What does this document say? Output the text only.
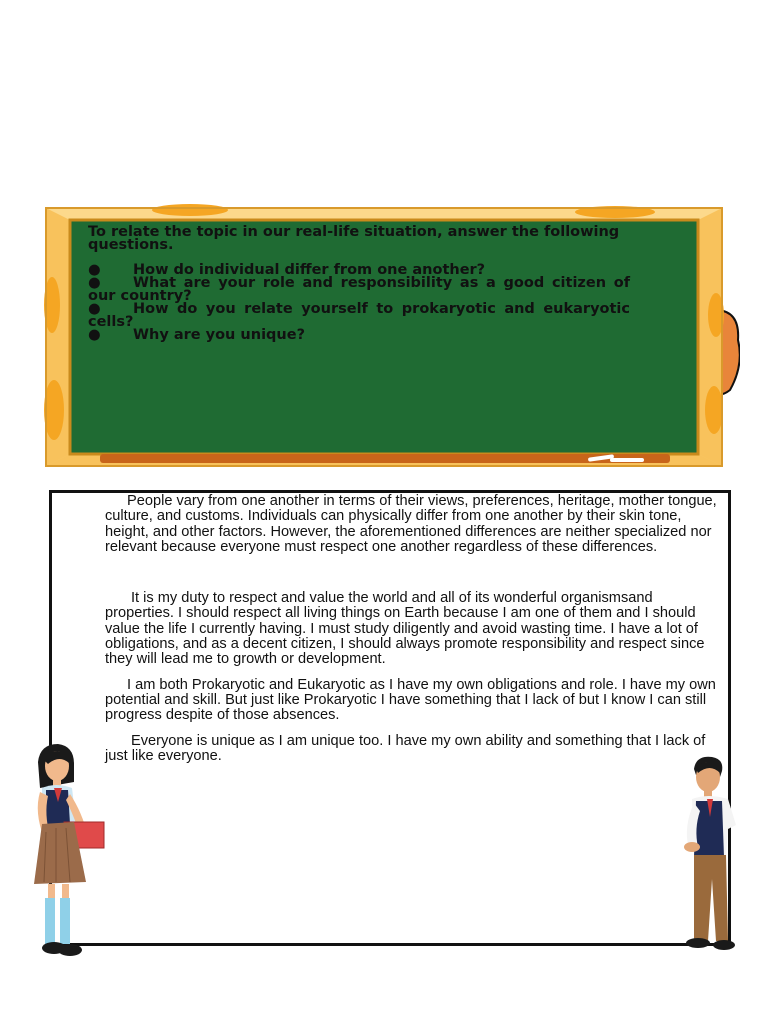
To relate the topic in our real-life situation, answer the following questions.

● How do individual differ from one another?
● What are your role and responsibility as a good citizen of our country?
● How do you relate yourself to prokaryotic and eukaryotic cells?
● Why are you unique?

People vary from one another in terms of their views, preferences, heritage, mother tongue, culture, and customs. Individuals can physically differ from one another by their skin tone, height, and other factors. However, the aforementioned differences are neither specialized nor relevant because everyone must respect one another regardless of these differences.

It is my duty to respect and value the world and all of its wonderful organismsand properties. I should respect all living things on Earth because I am one of them and I should value the life I currently having. I must study diligently and avoid wasting time. I have a lot of obligations, and as a decent citizen, I should always promote responsibility and respect since they will lead me to growth or development.

I am both Prokaryotic and Eukaryotic as I have my own obligations and role. I have my own potential and skill. But just like Prokaryotic I have something that I lack of but I know I can still progress despite of those absences.

Everyone is unique as I am unique too. I have my own ability and something that I lack of just like everyone.
